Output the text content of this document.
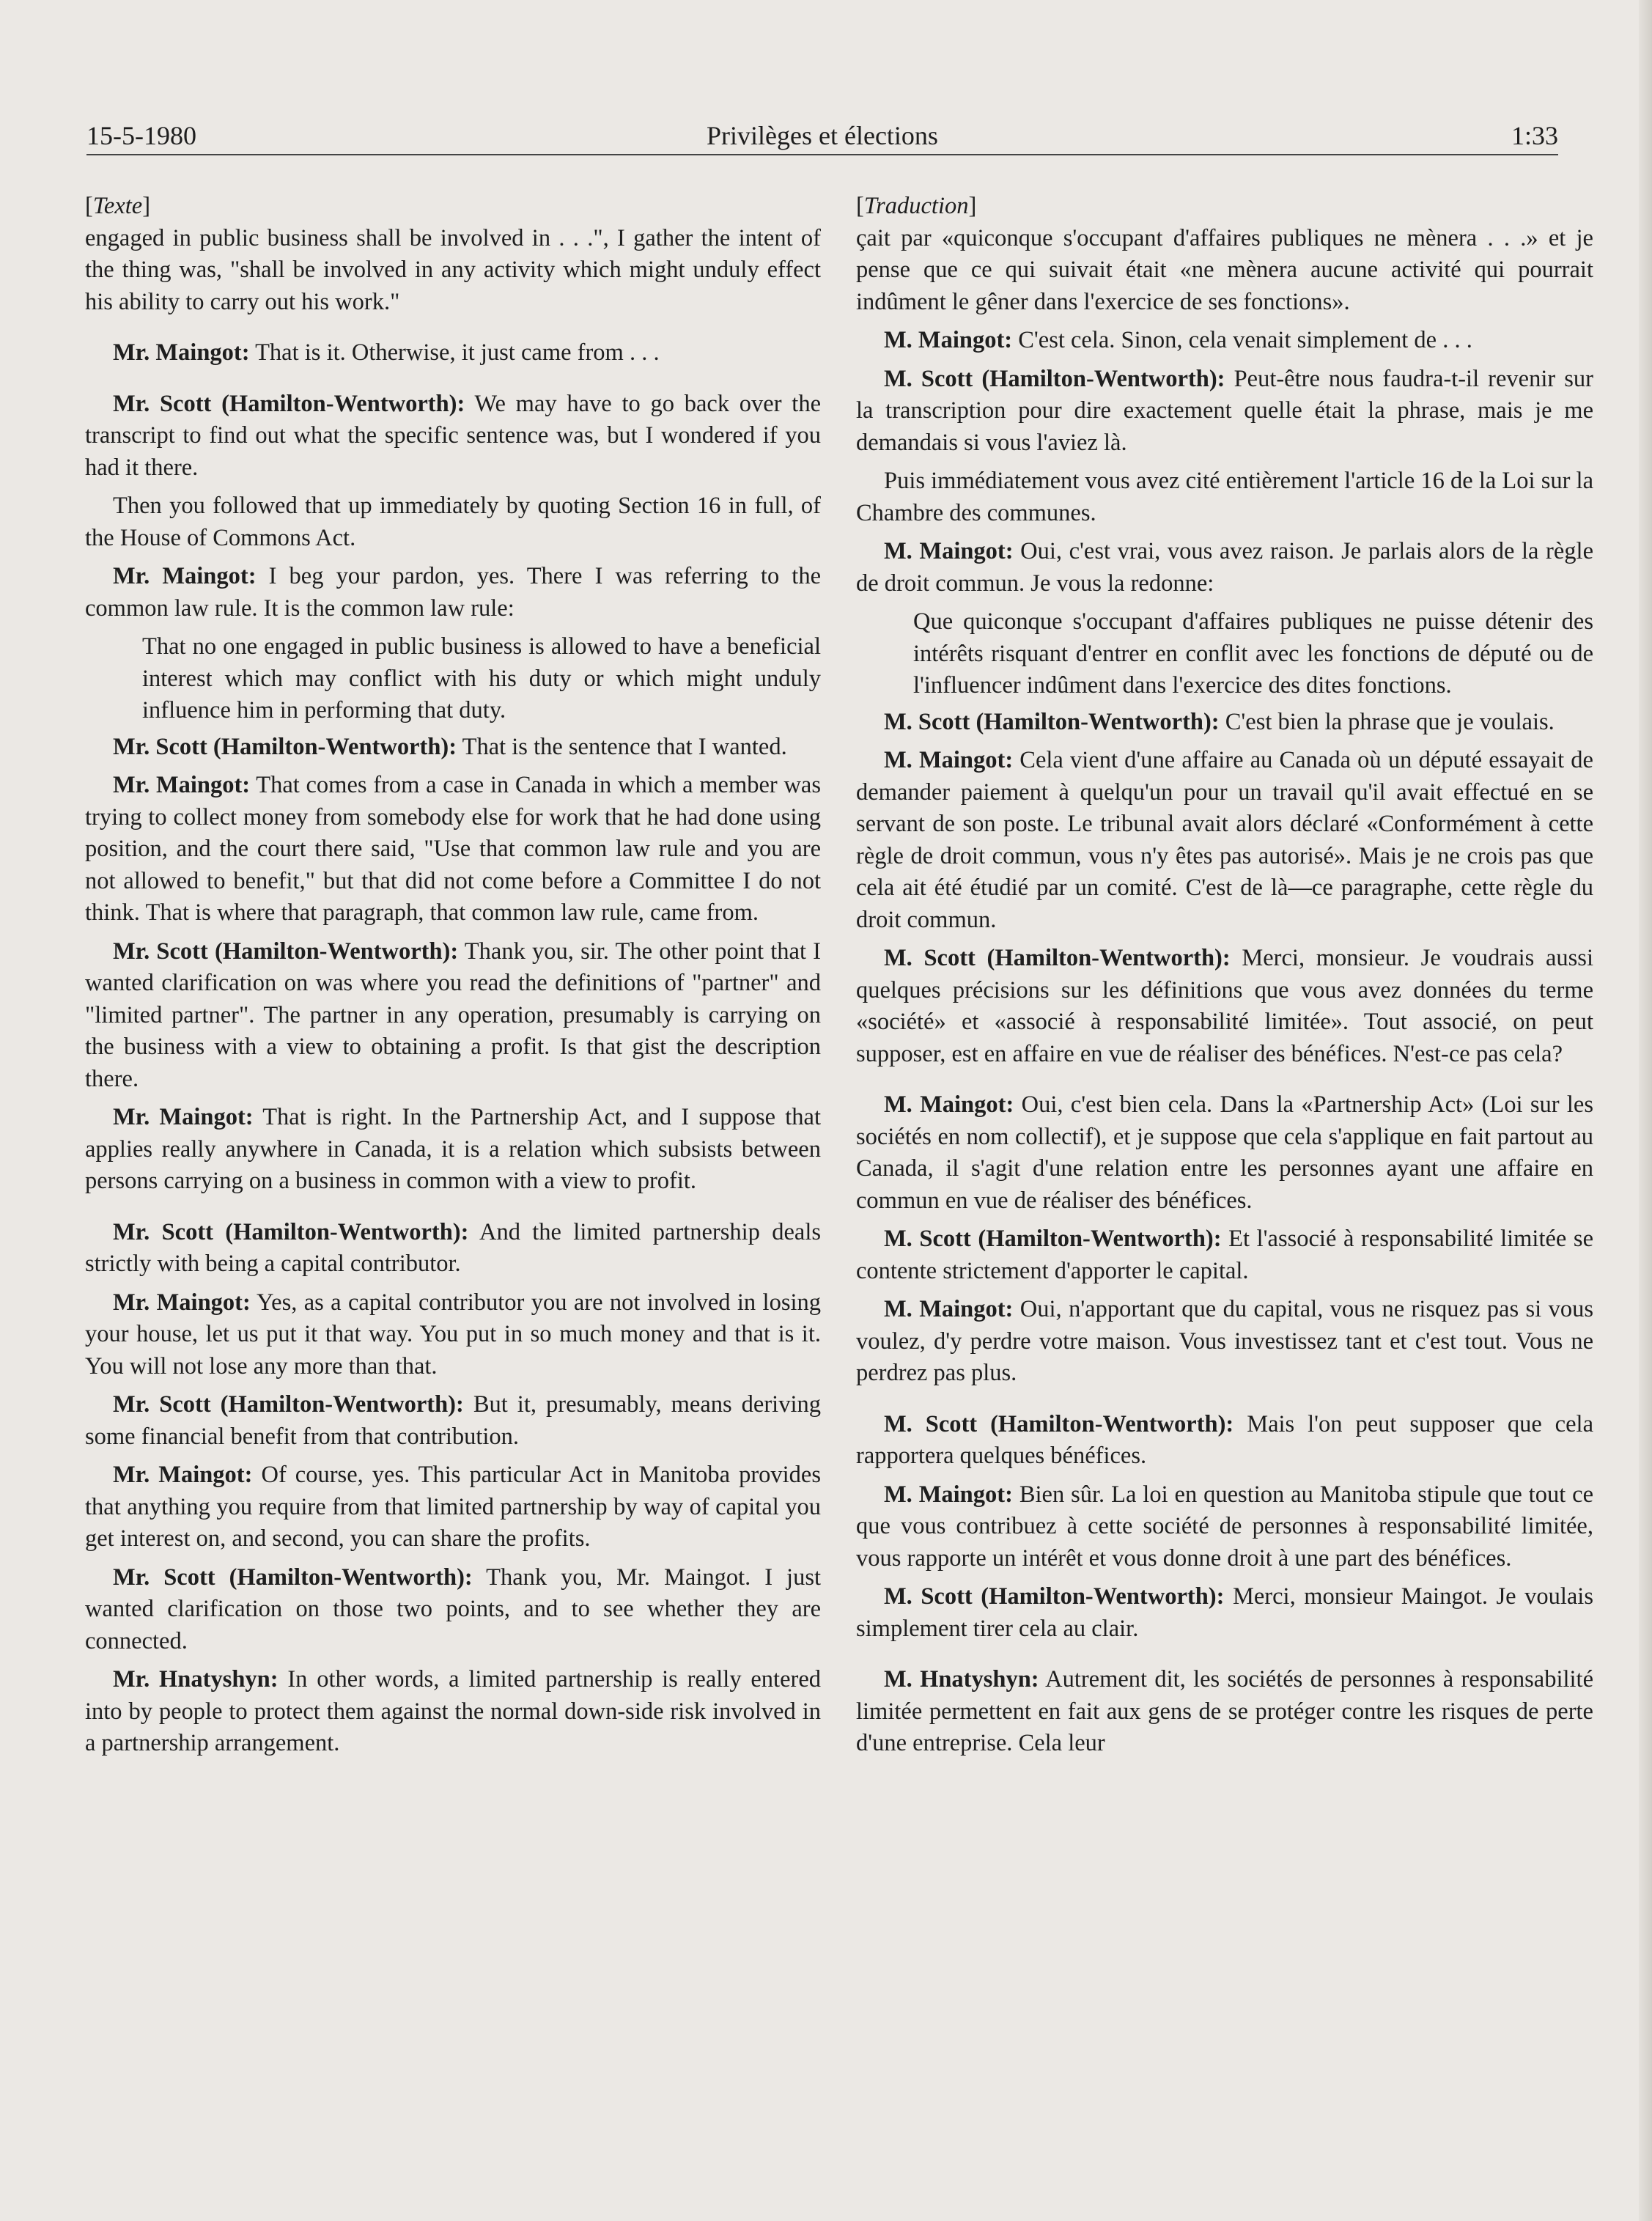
15-5-1980	Privilèges et élections	1:33
[Texte]

engaged in public business shall be involved in . . .", I gather the intent of the thing was, "shall be involved in any activity which might unduly effect his ability to carry out his work."

Mr. Maingot: That is it. Otherwise, it just came from . . .

Mr. Scott (Hamilton-Wentworth): We may have to go back over the transcript to find out what the specific sentence was, but I wondered if you had it there.

Then you followed that up immediately by quoting Section 16 in full, of the House of Commons Act.

Mr. Maingot: I beg your pardon, yes. There I was referring to the common law rule. It is the common law rule:

That no one engaged in public business is allowed to have a beneficial interest which may conflict with his duty or which might unduly influence him in performing that duty.

Mr. Scott (Hamilton-Wentworth): That is the sentence that I wanted.

Mr. Maingot: That comes from a case in Canada in which a member was trying to collect money from somebody else for work that he had done using position, and the court there said, "Use that common law rule and you are not allowed to benefit," but that did not come before a Committee I do not think. That is where that paragraph, that common law rule, came from.

Mr. Scott (Hamilton-Wentworth): Thank you, sir. The other point that I wanted clarification on was where you read the definitions of "partner" and "limited partner". The partner in any operation, presumably is carrying on the business with a view to obtaining a profit. Is that gist the description there.

Mr. Maingot: That is right. In the Partnership Act, and I suppose that applies really anywhere in Canada, it is a relation which subsists between persons carrying on a business in common with a view to profit.

Mr. Scott (Hamilton-Wentworth): And the limited partnership deals strictly with being a capital contributor.

Mr. Maingot: Yes, as a capital contributor you are not involved in losing your house, let us put it that way. You put in so much money and that is it. You will not lose any more than that.

Mr. Scott (Hamilton-Wentworth): But it, presumably, means deriving some financial benefit from that contribution.

Mr. Maingot: Of course, yes. This particular Act in Manitoba provides that anything you require from that limited partnership by way of capital you get interest on, and second, you can share the profits.

Mr. Scott (Hamilton-Wentworth): Thank you, Mr. Maingot. I just wanted clarification on those two points, and to see whether they are connected.

Mr. Hnatyshyn: In other words, a limited partnership is really entered into by people to protect them against the normal down-side risk involved in a partnership arrangement.

[Traduction]

çait par «quiconque s'occupant d'affaires publiques ne mènera . . .» et je pense que ce qui suivait était «ne mènera aucune activité qui pourrait indûment le gêner dans l'exercice de ses fonctions».

M. Maingot: C'est cela. Sinon, cela venait simplement de . . .

M. Scott (Hamilton-Wentworth): Peut-être nous faudra-t-il revenir sur la transcription pour dire exactement quelle était la phrase, mais je me demandais si vous l'aviez là.

Puis immédiatement vous avez cité entièrement l'article 16 de la Loi sur la Chambre des communes.

M. Maingot: Oui, c'est vrai, vous avez raison. Je parlais alors de la règle de droit commun. Je vous la redonne:

Que quiconque s'occupant d'affaires publiques ne puisse détenir des intérêts risquant d'entrer en conflit avec les fonctions de député ou de l'influencer indûment dans l'exercice des dites fonctions.

M. Scott (Hamilton-Wentworth): C'est bien la phrase que je voulais.

M. Maingot: Cela vient d'une affaire au Canada où un député essayait de demander paiement à quelqu'un pour un travail qu'il avait effectué en se servant de son poste. Le tribunal avait alors déclaré «Conformément à cette règle de droit commun, vous n'y êtes pas autorisé». Mais je ne crois pas que cela ait été étudié par un comité. C'est de là—ce paragraphe, cette règle du droit commun.

M. Scott (Hamilton-Wentworth): Merci, monsieur. Je voudrais aussi quelques précisions sur les définitions que vous avez données du terme «société» et «associé à responsabilité limitée». Tout associé, on peut supposer, est en affaire en vue de réaliser des bénéfices. N'est-ce pas cela?

M. Maingot: Oui, c'est bien cela. Dans la «Partnership Act» (Loi sur les sociétés en nom collectif), et je suppose que cela s'applique en fait partout au Canada, il s'agit d'une relation entre les personnes ayant une affaire en commun en vue de réaliser des bénéfices.

M. Scott (Hamilton-Wentworth): Et l'associé à responsabilité limitée se contente strictement d'apporter le capital.

M. Maingot: Oui, n'apportant que du capital, vous ne risquez pas si vous voulez, d'y perdre votre maison. Vous investissez tant et c'est tout. Vous ne perdrez pas plus.

M. Scott (Hamilton-Wentworth): Mais l'on peut supposer que cela rapportera quelques bénéfices.

M. Maingot: Bien sûr. La loi en question au Manitoba stipule que tout ce que vous contribuez à cette société de personnes à responsabilité limitée, vous rapporte un intérêt et vous donne droit à une part des bénéfices.

M. Scott (Hamilton-Wentworth): Merci, monsieur Maingot. Je voulais simplement tirer cela au clair.

M. Hnatyshyn: Autrement dit, les sociétés de personnes à responsabilité limitée permettent en fait aux gens de se protéger contre les risques de perte d'une entreprise. Cela leur
